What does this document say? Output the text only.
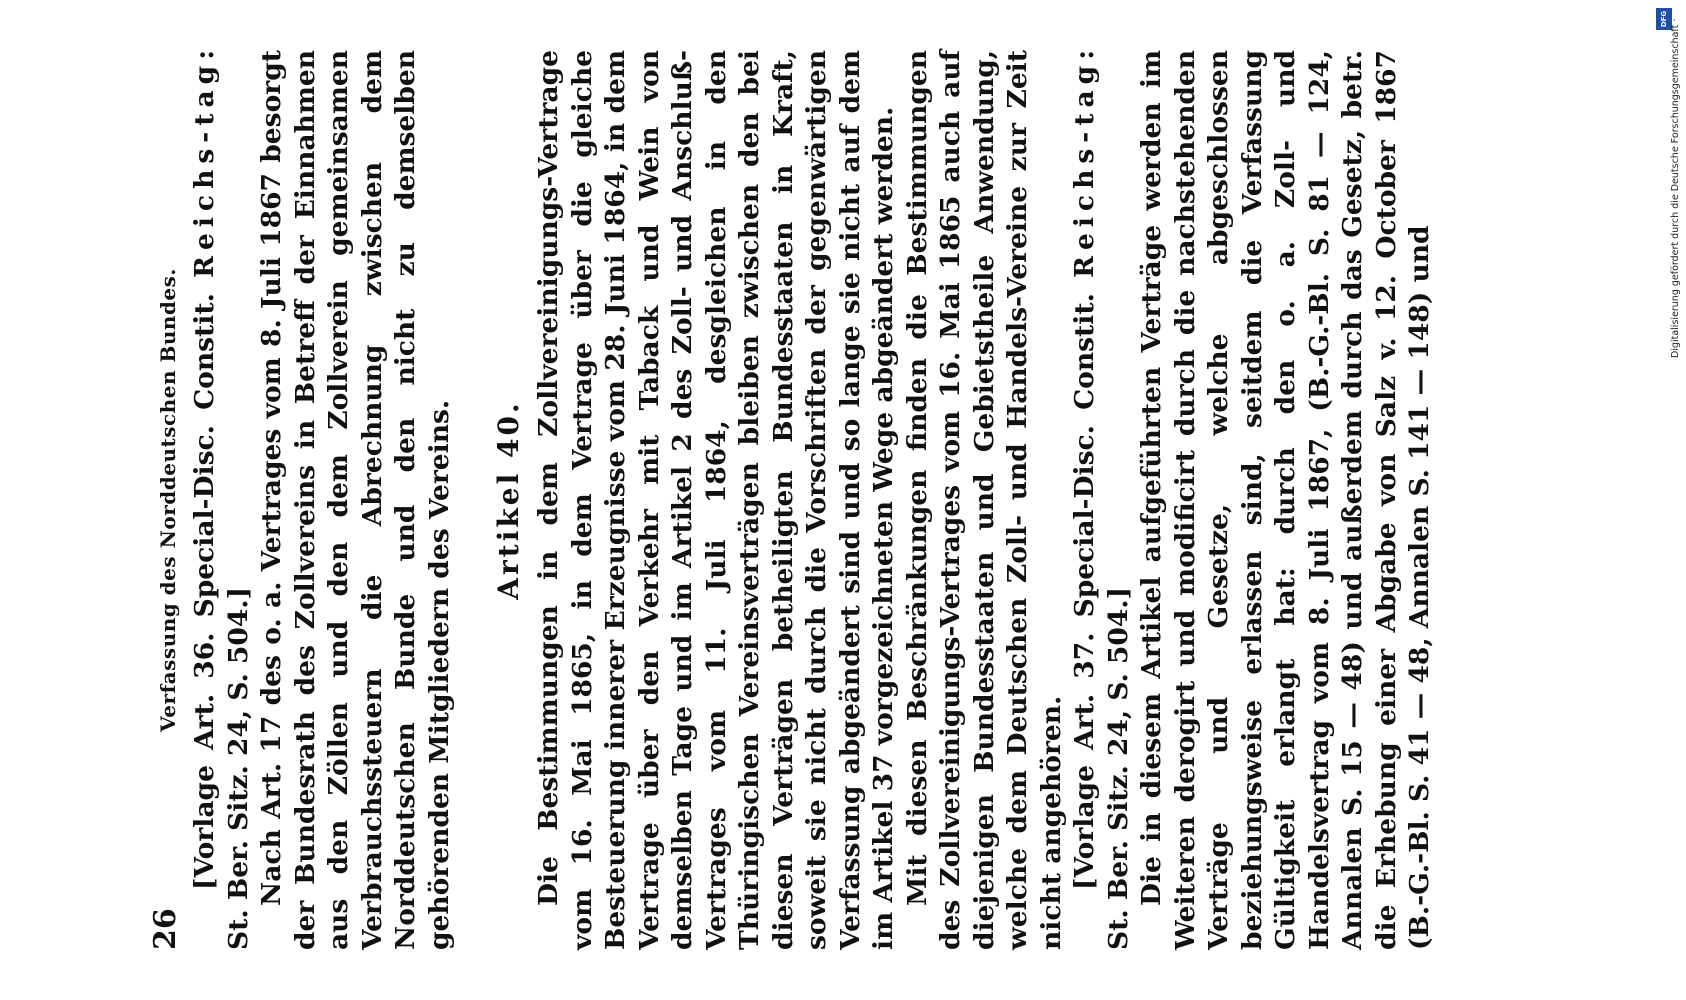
26
Verfassung des Norddeutschen Bundes. [Vorlage Art. 36. Special-Disc. Constit. Reichs-tag: St. Ber. Sitz. 24, S. 504.] Nach Art. 17 des o. a. Vertrages vom 8. Juli 1867 besorgt der Bundesrath des Zollvereins in Betreff der Einnahmen aus den Zöllen und den dem Zollverein gemeinsamen Verbrauchssteuern die Abrechnung zwischen dem Norddeutschen Bunde und den nicht zu demselben gehörenden Mitgliedern des Vereins. Artikel 40. Die Bestimmungen in dem Zollvereinigungs-Vertrage vom 16. Mai 1865, in dem Vertrage über die gleiche Besteuerung innerer Erzeugnisse vom 28. Juni 1864, in dem Vertrage über den Verkehr mit Taback und Wein von demselben Tage und im Artikel 2 des Zoll- und Anschluß-Vertrages vom 11. Juli 1864, desgleichen in den Thüringischen Vereinsverträgen bleiben zwischen den bei diesen Verträgen betheiligten Bundesstaaten in Kraft, soweit sie nicht durch die Vorschriften der gegenwärtigen Verfassung abgeändert sind und so lange sie nicht auf dem im Artikel 37 vorgezeichneten Wege abgeändert werden. Mit diesen Beschränkungen finden die Bestimmungen des Zollvereinigungs-Vertrages vom 16. Mai 1865 auch auf diejenigen Bundesstaaten und Gebietstheile Anwendung, welche dem Deutschen Zoll- und Handels-Vereine zur Zeit nicht angehören. [Vorlage Art. 37. Special-Disc. Constit. Reichs-tag: St. Ber. Sitz. 24, S. 504.] Die in diesem Artikel aufgeführten Verträge werden im Weiteren derogirt und modificirt durch die nachstehenden Verträge und Gesetze, welche abgeschlossen beziehungsweise erlassen sind, seitdem die Verfassung Gültigkeit erlangt hat: durch den o. a. Zoll- und Handelsvertrag vom 8. Juli 1867, (B.-G.-Bl. S. 81 — 124, Annalen S. 15 — 48) und außerdem durch das Gesetz, betr. die Erhebung einer Abgabe von Salz v. 12. October 1867 (B.-G.-Bl. S. 41 — 48, Annalen S. 141 — 148) und

DFG Digitalisierung gefördert durch die Deutsche Forschungsgemeinschaft ·
